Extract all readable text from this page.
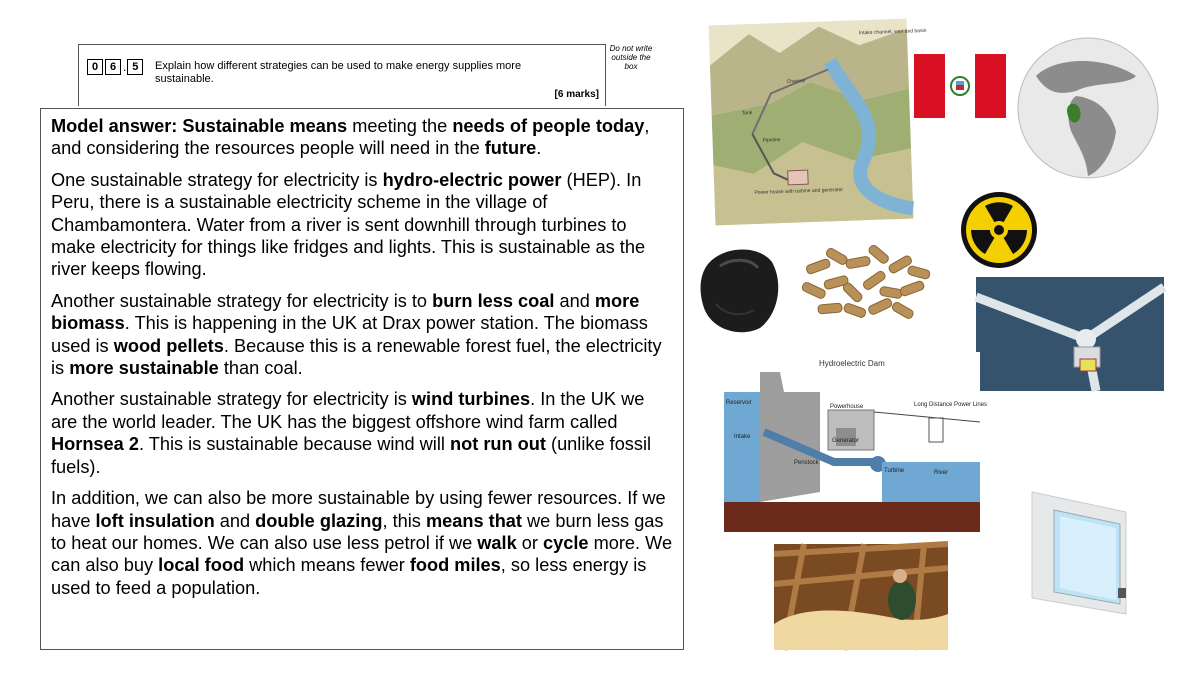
0	6 . 5	Explain how different strategies can be used to make energy supplies more sustainable.
[6 marks]
Do not write outside the box

Model answer: Sustainable means meeting the needs of people today, and considering the resources people will need in the future.

One sustainable strategy for electricity is hydro-electric power (HEP). In Peru, there is a sustainable electricity scheme in the village of Chambamontera. Water from a river is sent downhill through turbines to make electricity for things like fridges and lights. This is sustainable as the river keeps flowing.

Another sustainable strategy for electricity is to burn less coal and more biomass. This is happening in the UK at Drax power station. The biomass used is wood pellets. Because this is a renewable forest fuel, the electricity is more sustainable than coal.

Another sustainable strategy for electricity is wind turbines. In the UK we are the world leader. The UK has the biggest offshore wind farm called Hornsea 2. This is sustainable because wind will not run out (unlike fossil fuels).

In addition, we can also be more sustainable by using fewer resources. If we have loft insulation and double glazing, this means that we burn less gas to heat our homes. We can also use less petrol if we walk or cycle more. We can also buy local food which means fewer food miles, so less energy is used to feed a population.

Intake channel, weir and basin
Channel
Tank
Pipeline
Power house with turbine and generator
Hydroelectric Dam
Reservoir
Intake
Powerhouse
Generator
Penstock
Turbine	River
Long Distance Power Lines
